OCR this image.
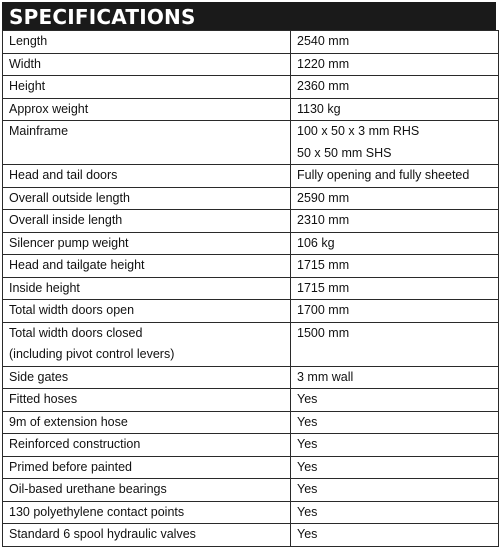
SPECIFICATIONS
Length	2540 mm

Width	1220 mm

Height	2360 mm

Approx weight	1130 kg

Mainframe	100 x 50 x 3 mm RHS
50 x 50 mm SHS

Head and tail doors	Fully opening and fully sheeted

Overall outside length	2590 mm

Overall inside length	2310 mm

Silencer pump weight	106 kg

Head and tailgate height	1715 mm

Inside height	1715 mm

Total width doors open	1700 mm

Total width doors closed
(including pivot control levers)	1500 mm

Side gates	3 mm wall

Fitted hoses	Yes

9m of extension hose	Yes

Reinforced construction	Yes

Primed before painted	Yes

Oil-based urethane bearings	Yes

130 polyethylene contact points	Yes

Standard 6 spool hydraulic valves	Yes
